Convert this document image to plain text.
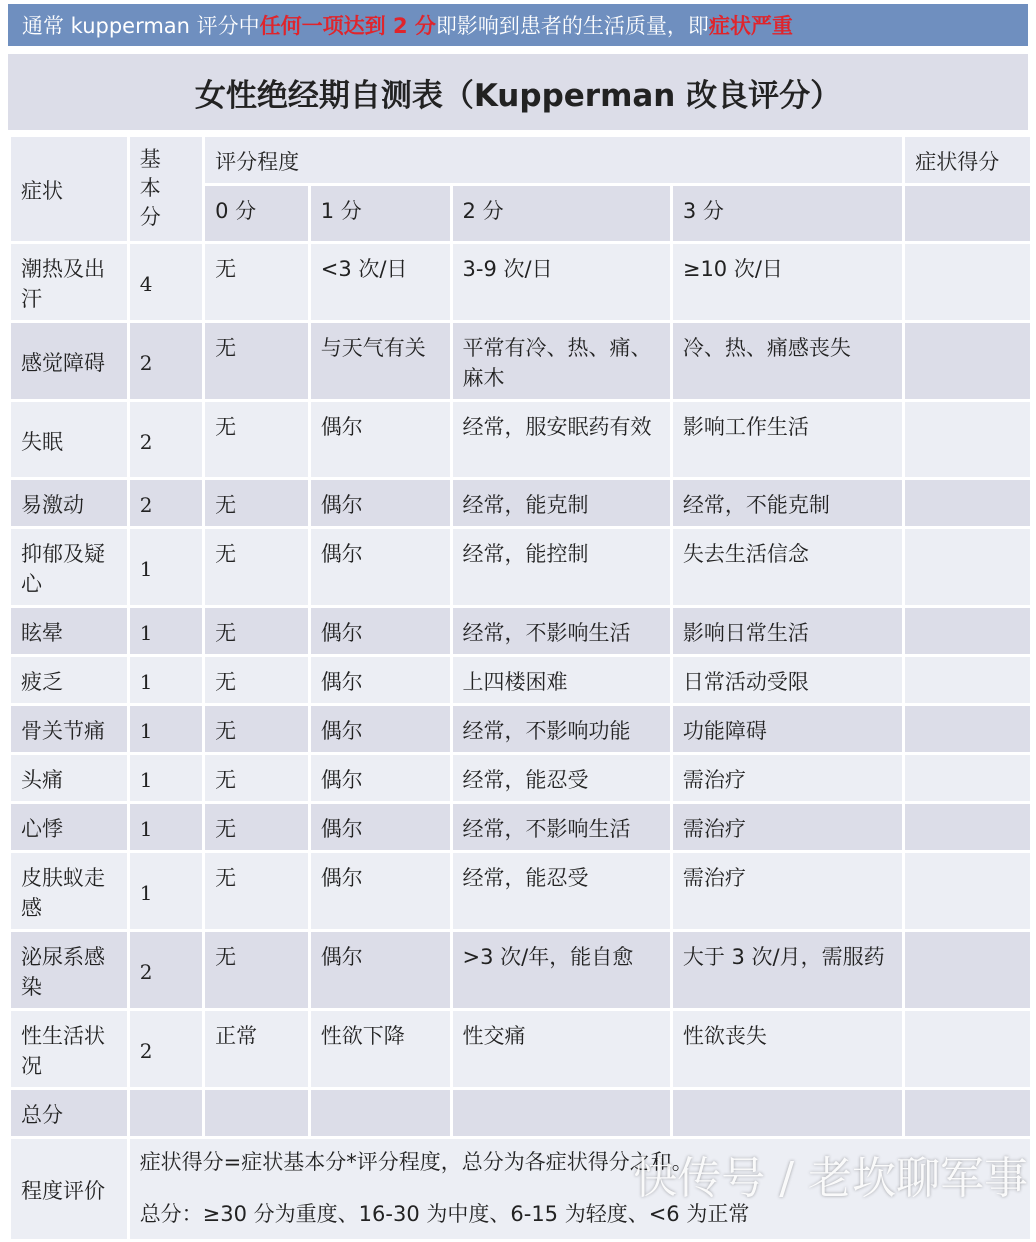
通常 kupperman 评分中 任何一项达到 2 分 即影响到患者的生活质量，即 症状严重
女性绝经期自测表（Kupperman 改良评分）
症状	基本分	评分程度				症状得分
		0 分	1 分	2 分	3 分	
潮热及出汗	4	无	<3 次/日	3-9 次/日	≥10 次/日	
感觉障碍	2	无	与天气有关	平常有冷、热、痛、麻木	冷、热、痛感丧失	
失眠	2	无	偶尔	经常，服安眠药有效	影响工作生活	
易激动	2	无	偶尔	经常，能克制	经常，不能克制	
抑郁及疑心	1	无	偶尔	经常，能控制	失去生活信念	
眩晕	1	无	偶尔	经常，不影响生活	影响日常生活	
疲乏	1	无	偶尔	上四楼困难	日常活动受限	
骨关节痛	1	无	偶尔	经常，不影响功能	功能障碍	
头痛	1	无	偶尔	经常，能忍受	需治疗	
心悸	1	无	偶尔	经常，不影响生活	需治疗	
皮肤蚁走感	1	无	偶尔	经常，能忍受	需治疗	
泌尿系感染	2	无	偶尔	>3 次/年，能自愈	大于 3 次/月，需服药	
性生活状况	2	正常	性欲下降	性交痛	性欲丧失	
总分						
程度评价	症状得分=症状基本分*评分程度，总分为各症状得分之和。
总分：≥30 分为重度、16-30 为中度、6-15 为轻度、<6 为正常					
快传号 / 老坎聊军事
